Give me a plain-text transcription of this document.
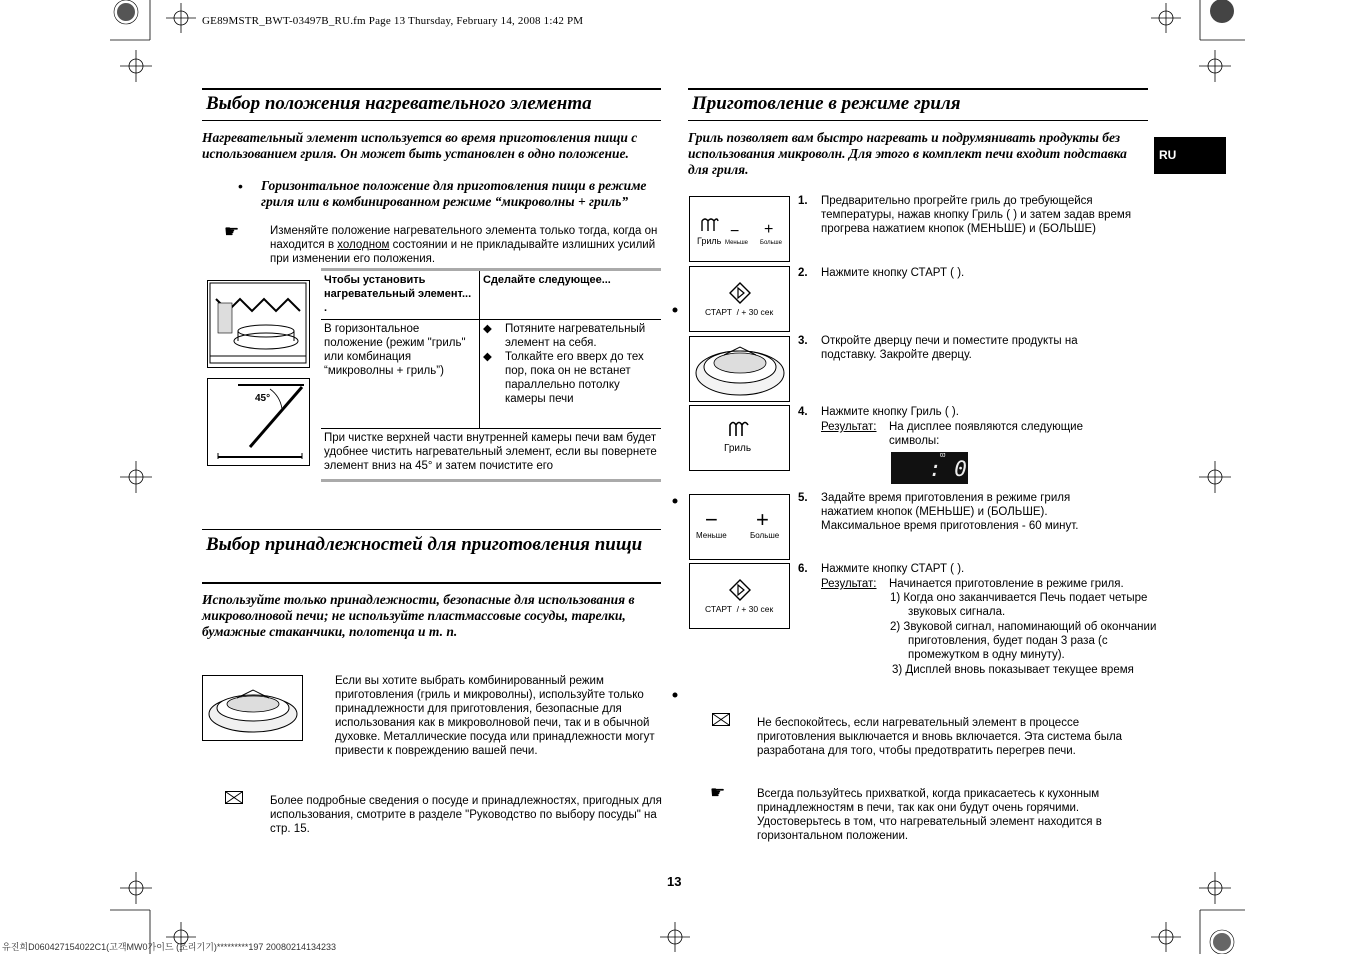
GE89MSTR_BWT-03497B_RU.fm Page 13 Thursday, February 14, 2008 1:42 PM
유진희D060427154022C1(고객MW0가이드 (조리기기)*********197 20080214134233
13
RU
Выбор положения нагревательного элемента
Нагревательный элемент используется во время приготовления пищи с использованием гриля. Он может быть установлен в одно положение.
• Горизонтальное положение для приготовления пищи в режиме гриля или в комбинированном режиме “микроволны + гриль”
☛	Изменяйте положение нагревательного элемента только тогда, когда он находится в холодном состоянии и не прикладывайте излишних усилий при изменении его положения.
45°
Чтобы установить нагревательный элемент... .	Сделайте следующее...
В горизонтальное положение (режим "гриль" или комбинация “микроволны + гриль”)	◆ Потяните нагревательный элемент на себя.
◆ Толкайте его вверх до тех пор, пока он не встанет параллельно потолку камеры печи

При чистке верхней части внутренней камеры печи вам будет удобнее чистить нагревательный элемент, если вы повернете элемент вниз на 45° и затем почистите его	
Выбор принадлежностей для приготовления пищи
Используйте только принадлежности, безопасные для использования в микроволновой печи; не используйте пластмассовые сосуды, тарелки, бумажные стаканчики, полотенца и т. п.
Если вы хотите выбрать комбинированный режим приготовления (гриль и микроволны), используйте только принадлежности для приготовления, безопасные для использования как в микроволновой печи, так и в обычной духовке. Металлические посуда или принадлежности могут привести к повреждению вашей печи.
Более подробные сведения о посуде и принадлежностях, пригодных для использования, смотрите в разделе "Руководство по выбору посуды" на стр. 15.
Приготовление в режиме гриля
Гриль позволяет вам быстро нагревать и подрумянивать продукты без использования микроволн. Для этого в комплект печи входит подставка для гриля.
Гриль
−
Меньше
+
Больше
СТАРТ  / + 30 сек
Гриль
−
Меньше
+
Больше
СТАРТ  / + 30 сек
1. Предварительно прогрейте гриль до требующейся температуры, нажав кнопку Гриль ( ) и затем задав время прогрева нажатием кнопок (МЕНЬШЕ) и (БОЛЬШЕ)
2. Нажмите кнопку СТАРТ ( ).
3. Откройте дверцу печи и поместите продукты на подставку. Закройте дверцу.
4. Нажмите кнопку Гриль ( ).
Результат: На дисплее появляются следующие символы:
ϖ
: 0
5. Задайте время приготовления в режиме гриля нажатием кнопок (МЕНЬШЕ) и (БОЛЬШЕ). Максимальное время приготовления - 60 минут.
6. Нажмите кнопку СТАРТ ( ).
Результат: Начинается приготовление в режиме гриля.
1) Когда оно заканчивается Печь подает четыре звуковых сигнала.
2) Звуковой сигнал, напоминающий об окончании приготовления, будет подан 3 раза (с промежутком в одну минуту).
3) Дисплей вновь показывает текущее время
Не беспокойтесь, если нагревательный элемент в процессе приготовления выключается и вновь включается. Эта система была разработана для того, чтобы предотвратить перегрев печи.
☛	Всегда пользуйтесь прихваткой, когда прикасаетесь к кухонным принадлежностям в печи, так как они будут очень горячими. Удостоверьтесь в том, что нагревательный элемент находится в горизонтальном положении.
